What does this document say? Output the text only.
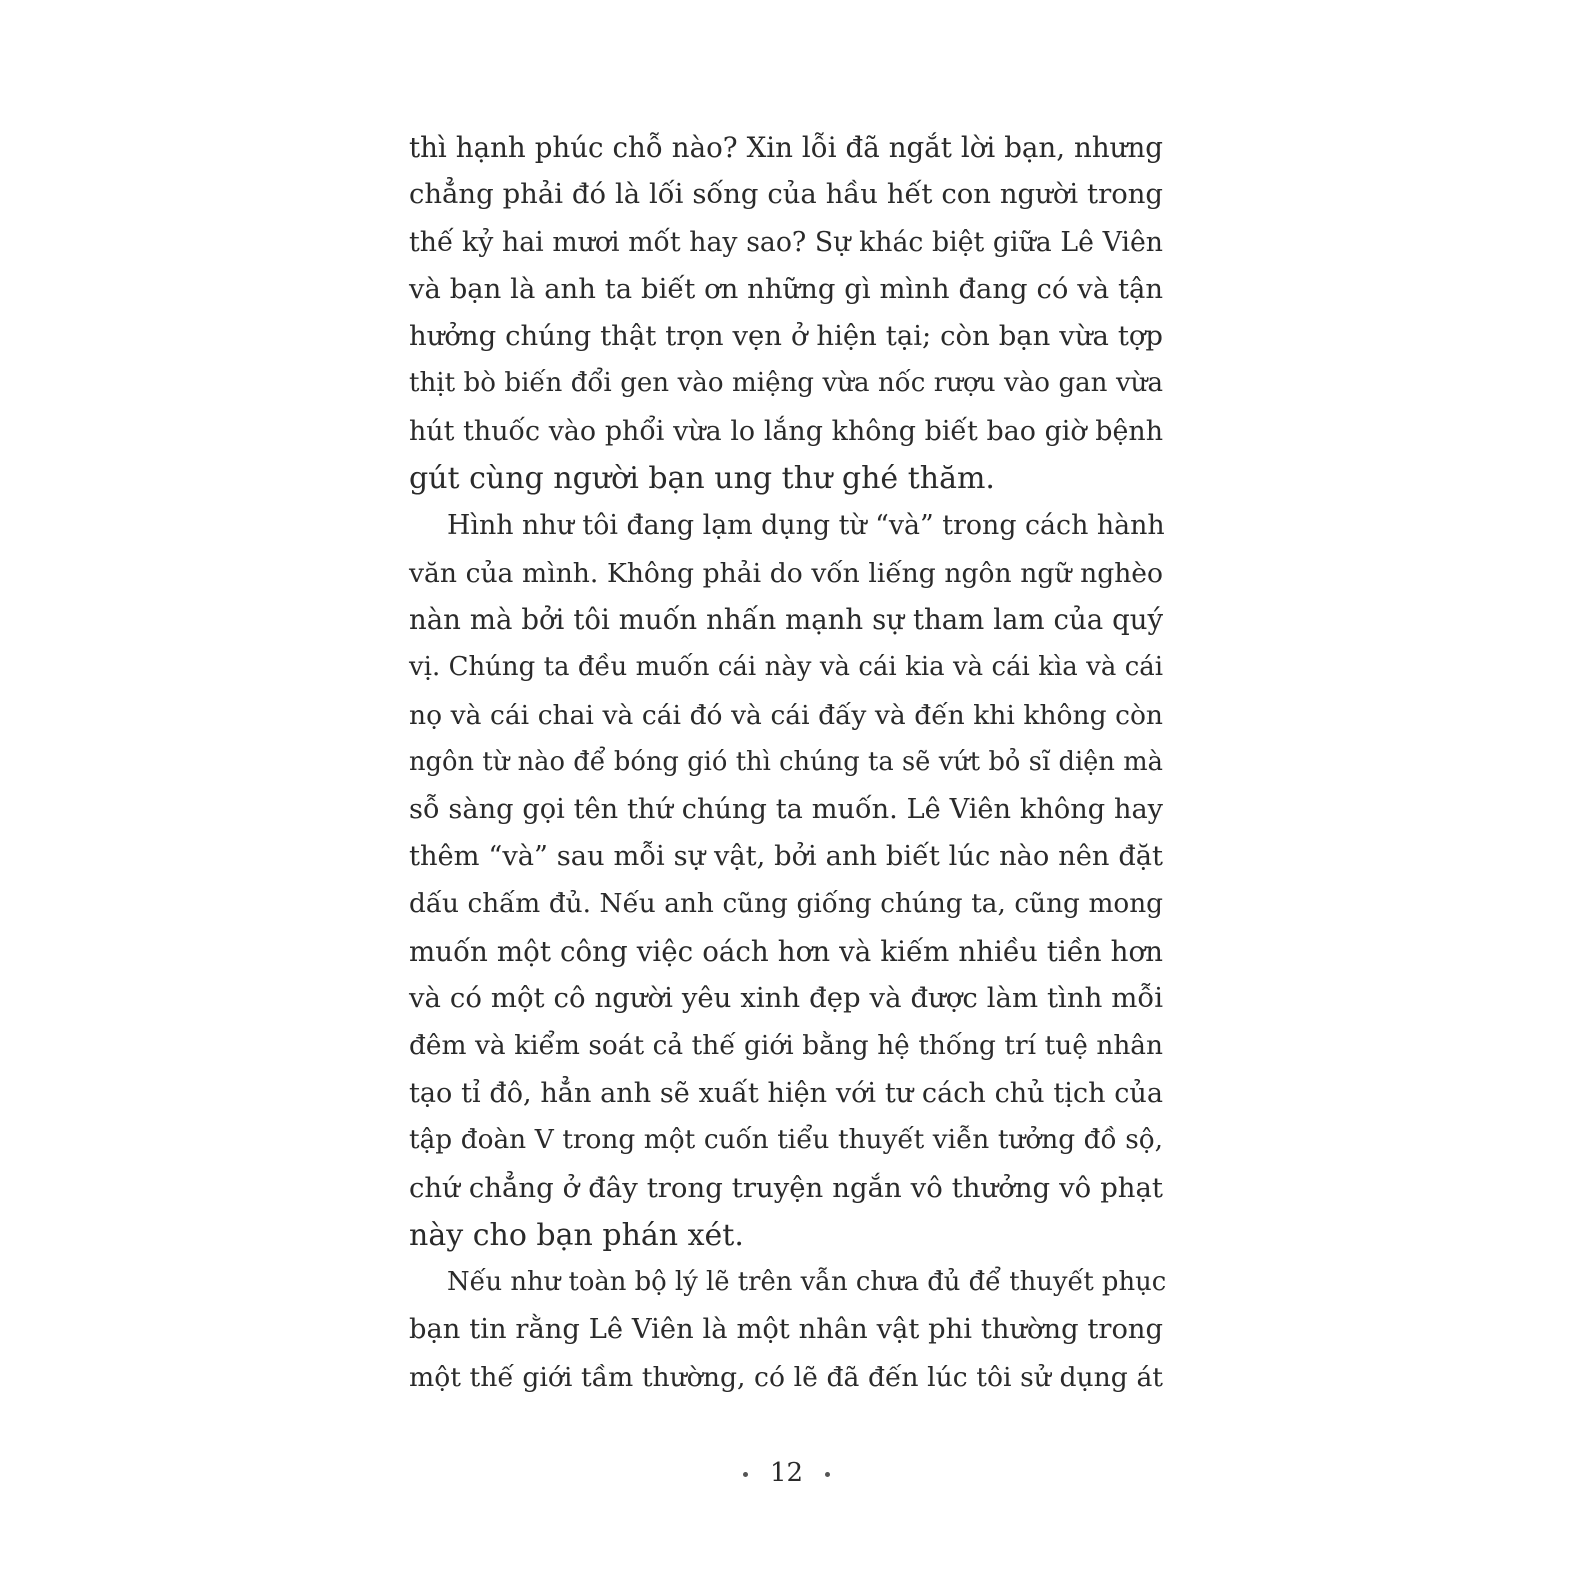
thì hạnh phúc chỗ nào? Xin lỗi đã ngắt lời bạn, nhưng
chẳng phải đó là lối sống của hầu hết con người trong
thế kỷ hai mươi mốt hay sao? Sự khác biệt giữa Lê Viên
và bạn là anh ta biết ơn những gì mình đang có và tận
hưởng chúng thật trọn vẹn ở hiện tại; còn bạn vừa tợp
thịt bò biến đổi gen vào miệng vừa nốc rượu vào gan vừa
hút thuốc vào phổi vừa lo lắng không biết bao giờ bệnh
gút cùng người bạn ung thư ghé thăm.
Hình như tôi đang lạm dụng từ “và” trong cách hành
văn của mình. Không phải do vốn liếng ngôn ngữ nghèo
nàn mà bởi tôi muốn nhấn mạnh sự tham lam của quý
vị. Chúng ta đều muốn cái này và cái kia và cái kìa và cái
nọ và cái chai và cái đó và cái đấy và đến khi không còn
ngôn từ nào để bóng gió thì chúng ta sẽ vứt bỏ sĩ diện mà
sỗ sàng gọi tên thứ chúng ta muốn. Lê Viên không hay
thêm “và” sau mỗi sự vật, bởi anh biết lúc nào nên đặt
dấu chấm đủ. Nếu anh cũng giống chúng ta, cũng mong
muốn một công việc oách hơn và kiếm nhiều tiền hơn
và có một cô người yêu xinh đẹp và được làm tình mỗi
đêm và kiểm soát cả thế giới bằng hệ thống trí tuệ nhân
tạo tỉ đô, hẳn anh sẽ xuất hiện với tư cách chủ tịch của
tập đoàn V trong một cuốn tiểu thuyết viễn tưởng đồ sộ,
chứ chẳng ở đây trong truyện ngắn vô thưởng vô phạt
này cho bạn phán xét.
Nếu như toàn bộ lý lẽ trên vẫn chưa đủ để thuyết phục
bạn tin rằng Lê Viên là một nhân vật phi thường trong
một thế giới tầm thường, có lẽ đã đến lúc tôi sử dụng át
12
